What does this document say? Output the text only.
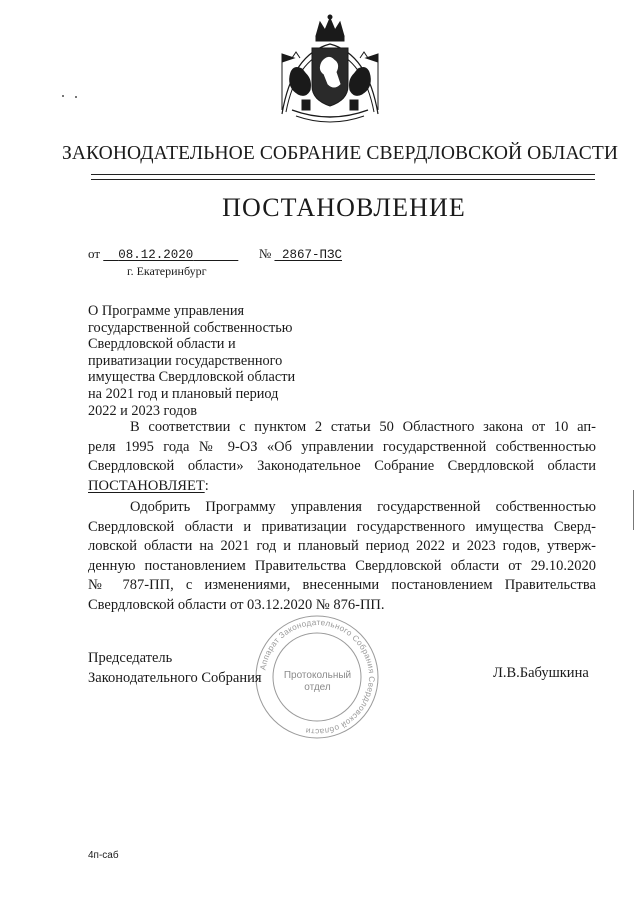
ЗАКОНОДАТЕЛЬНОЕ СОБРАНИЕ СВЕРДЛОВСКОЙ ОБЛАСТИ
ПОСТАНОВЛЕНИЕ
от 08.12.2020	№ 2867-ПЗС
г. Екатеринбург
О Программе управления
государственной собственностью
Свердловской области и
приватизации государственного
имущества Свердловской области
на 2021 год и плановый период
2022 и 2023 годов
В соответствии с пунктом 2 статьи 50 Областного закона от 10 ап-
реля 1995 года № 9-ОЗ «Об управлении государственной собственностью
Свердловской области» Законодательное Собрание Свердловской области
ПОСТАНОВЛЯЕТ:
Одобрить Программу управления государственной собственностью
Свердловской области и приватизации государственного имущества Сверд-
ловской области на 2021 год и плановый период 2022 и 2023 годов, утверж-
денную постановлением Правительства Свердловской области от 29.10.2020
№ 787-ПП, с изменениями, внесенными постановлением Правительства
Свердловской области от 03.12.2020 № 876-ПП.
Аппарат Законодательного Собрания Свердловской области
Протокольный
отдел
Председатель
Законодательного Собрания	Л.В.Бабушкина
4п-саб
